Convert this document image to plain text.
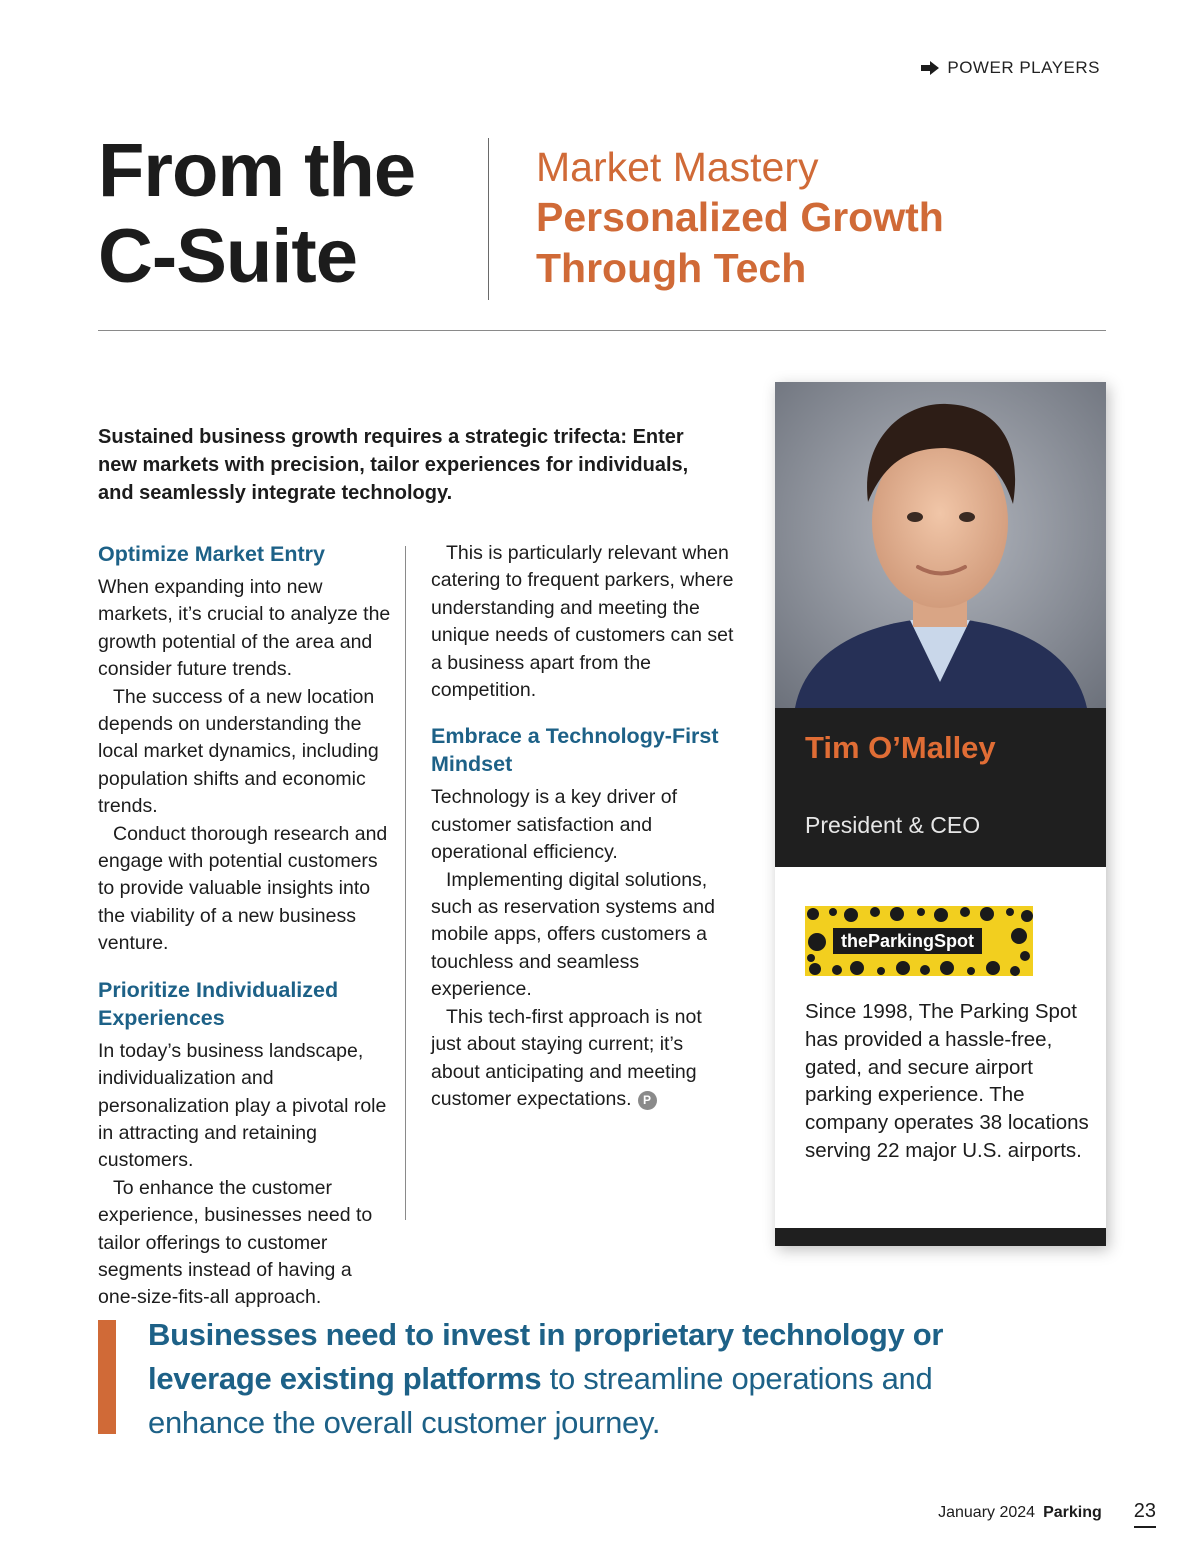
POWER PLAYERS
From the
C-Suite
Market Mastery
Personalized Growth
Through Tech
Sustained business growth requires a strategic trifecta: Enter new markets with precision, tailor experiences for individuals, and seamlessly integrate technology.
Optimize Market Entry

When expanding into new markets, it’s crucial to analyze the growth potential of the area and consider future trends.

The success of a new location depends on understanding the local market dynamics, including population shifts and economic trends.

Conduct thorough research and engage with potential customers to provide valuable insights into the viability of a new business venture.

Prioritize Individualized Experiences

In today’s business landscape, individualization and personalization play a pivotal role in attracting and retaining customers.

To enhance the customer experience, businesses need to tailor offerings to customer segments instead of having a one-size-fits-all approach.

This is particularly relevant when catering to frequent parkers, where understanding and meeting the unique needs of customers can set a business apart from the competition.

Embrace a Technology-First Mindset

Technology is a key driver of customer satisfaction and operational efficiency.

Implementing digital solutions, such as reservation systems and mobile apps, offers customers a touchless and seamless experience.

This tech-first approach is not just about staying current; it’s about anticipating and meeting customer expectations. P

Tim O’Malley
President & CEO
theParkingSpot
Since 1998, The Parking Spot has provided a hassle-free, gated, and secure airport parking experience. The company operates 38 locations serving 22 major U.S. airports.
Businesses need to invest in proprietary technology or leverage existing platforms to streamline operations and enhance the overall customer journey.
January 2024 Parking 23
